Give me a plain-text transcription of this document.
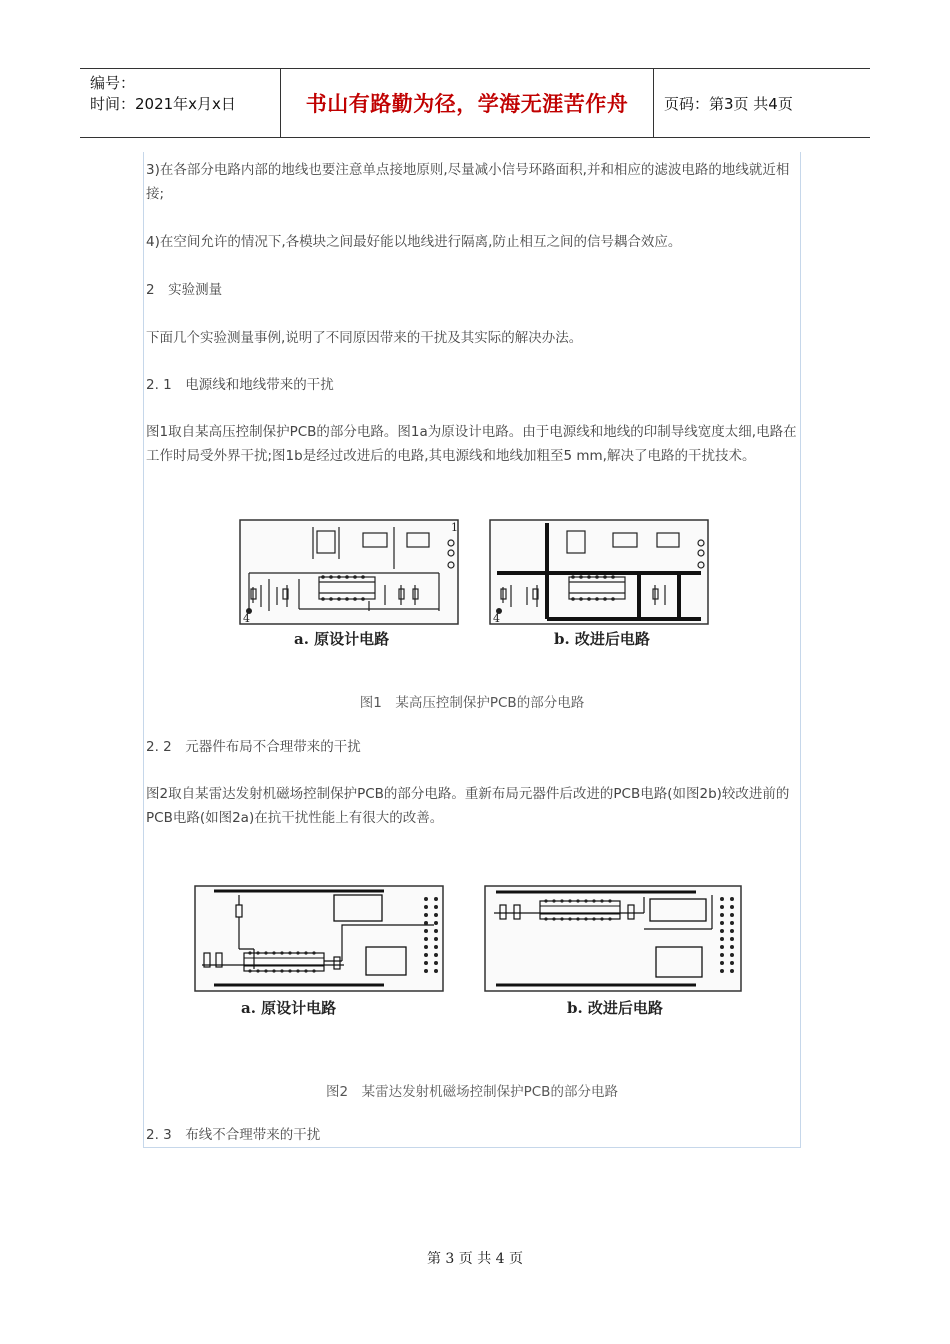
编号：
时间：2021年x月x日	书山有路勤为径，学海无涯苦作舟	页码：第3页 共4页

3)在各部分电路内部的地线也要注意单点接地原则,尽量减小信号环路面积,并和相应的滤波电路的地线就近相接;

4)在空间允许的情况下,各模块之间最好能以地线进行隔离,防止相互之间的信号耦合效应。

2　实验测量

下面几个实验测量事例,说明了不同原因带来的干扰及其实际的解决办法。

2. 1　电源线和地线带来的干扰

图1取自某高压控制保护PCB的部分电路。图1a为原设计电路。由于电源线和地线的印制导线宽度太细,电路在工作时局受外界干扰;图1b是经过改进后的电路,其电源线和地线加粗至5 mm,解决了电路的干扰技术。

1
4
a. 原设计电路
4
b. 改进后电路
图1　某高压控制保护PCB的部分电路

2. 2　元器件布局不合理带来的干扰

图2取自某雷达发射机磁场控制保护PCB的部分电路。重新布局元器件后改进的PCB电路(如图2b)较改进前的PCB电路(如图2a)在抗干扰性能上有很大的改善。

a. 原设计电路	b. 改进后电路
图2　某雷达发射机磁场控制保护PCB的部分电路

2. 3　布线不合理带来的干扰

第 3 页 共 4 页
